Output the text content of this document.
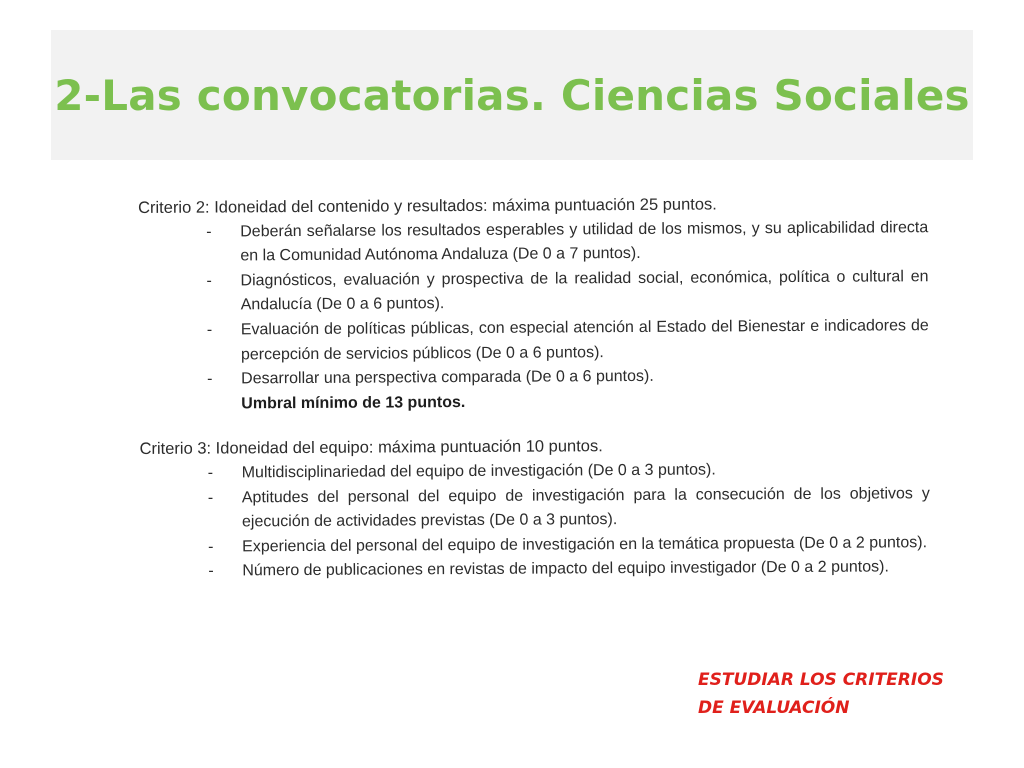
2-Las convocatorias. Ciencias Sociales

Criterio 2: Idoneidad del contenido y resultados: máxima puntuación 25 puntos.

- Deberán señalarse los resultados esperables y utilidad de los mismos, y su aplicabilidad directa en la Comunidad Autónoma Andaluza (De 0 a 7 puntos).
- Diagnósticos, evaluación y prospectiva de la realidad social, económica, política o cultural en Andalucía (De 0 a 6 puntos).
- Evaluación de políticas públicas, con especial atención al Estado del Bienestar e indicadores de percepción de servicios públicos (De 0 a 6 puntos).
- Desarrollar una perspectiva comparada (De 0 a 6 puntos).
Umbral mínimo de 13 puntos.

Criterio 3: Idoneidad del equipo: máxima puntuación 10 puntos.

- Multidisciplinariedad del equipo de investigación (De 0 a 3 puntos).
- Aptitudes del personal del equipo de investigación para la consecución de los objetivos y ejecución de actividades previstas (De 0 a 3 puntos).
- Experiencia del personal del equipo de investigación en la temática propuesta (De 0 a 2 puntos).
- Número de publicaciones en revistas de impacto del equipo investigador (De 0 a 2 puntos).
ESTUDIAR LOS CRITERIOS
DE EVALUACIÓN
